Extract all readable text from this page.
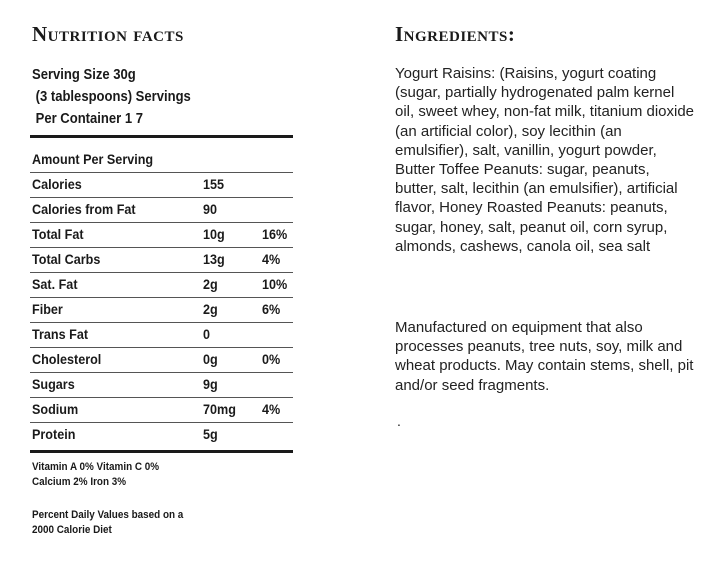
Nutrition facts
Serving Size 30g
(3 tablespoons) Servings
Per Container 1 7
Amount Per Serving
Calories	155
Calories from Fat	90
Total Fat	10g	16%
Total Carbs	13g	4%
Sat. Fat	2g	10%
Fiber	2g	6%
Trans Fat	0
Cholesterol	0g	0%
Sugars	9g
Sodium	70mg 4%
Protein	5g
Vitamin A 0% Vitamin C 0%
Calcium 2% Iron 3%
Percent Daily Values based on a
2000 Calorie Diet
Ingredients:
Yogurt Raisins: (Raisins, yogurt coating (sugar, partially hydrogenated palm kernel oil, sweet whey, non-fat milk, titanium dioxide (an artificial color), soy lecithin (an emulsifier), salt, vanillin, yogurt powder, Butter Toffee Peanuts: sugar, peanuts, butter, salt, lecithin (an emulsifier), artificial flavor, Honey Roasted Peanuts: peanuts, sugar, honey, salt, peanut oil, corn syrup, almonds, cashews, canola oil, sea salt
Manufactured on equipment that also processes peanuts, tree nuts, soy, milk and wheat products. May contain stems, shell, pit and/or seed fragments.
.
